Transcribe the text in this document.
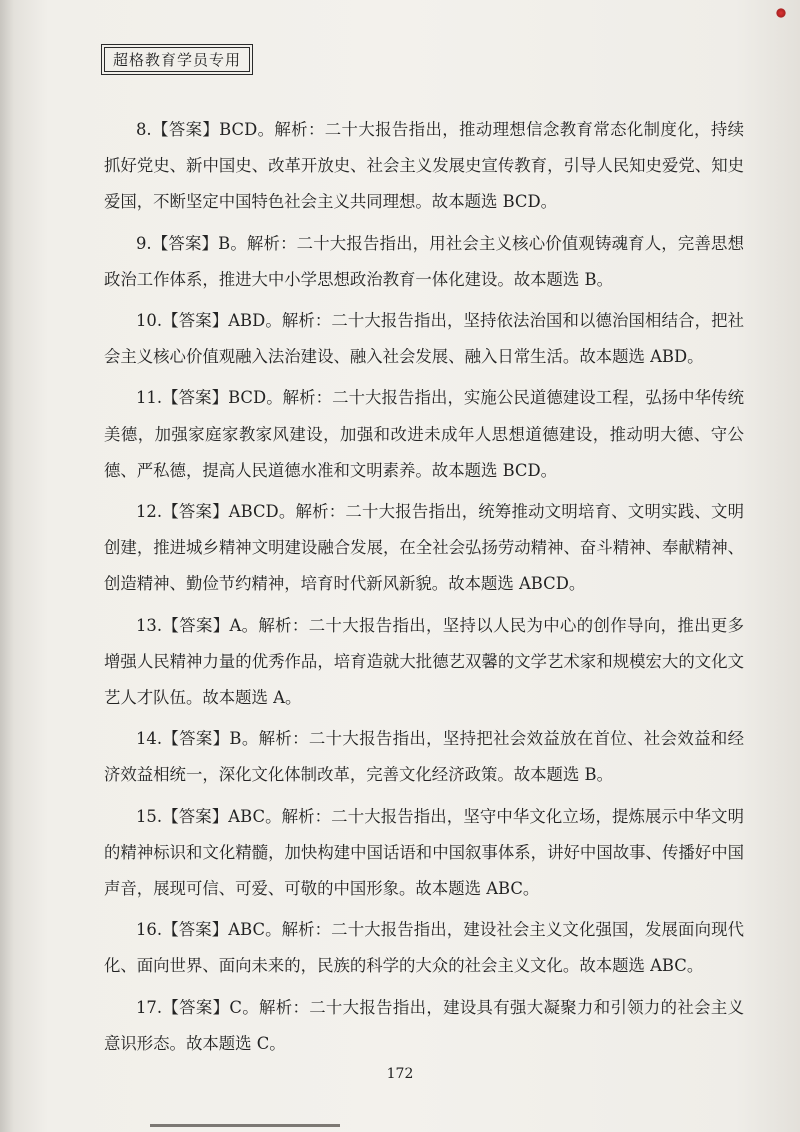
超格教育学员专用

8.【答案】BCD。解析：二十大报告指出，推动理想信念教育常态化制度化，持续抓好党史、新中国史、改革开放史、社会主义发展史宣传教育，引导人民知史爱党、知史爱国，不断坚定中国特色社会主义共同理想。故本题选 BCD。

9.【答案】B。解析：二十大报告指出，用社会主义核心价值观铸魂育人，完善思想政治工作体系，推进大中小学思想政治教育一体化建设。故本题选 B。

10.【答案】ABD。解析：二十大报告指出，坚持依法治国和以德治国相结合，把社会主义核心价值观融入法治建设、融入社会发展、融入日常生活。故本题选 ABD。

11.【答案】BCD。解析：二十大报告指出，实施公民道德建设工程，弘扬中华传统美德，加强家庭家教家风建设，加强和改进未成年人思想道德建设，推动明大德、守公德、严私德，提高人民道德水准和文明素养。故本题选 BCD。

12.【答案】ABCD。解析：二十大报告指出，统筹推动文明培育、文明实践、文明创建，推进城乡精神文明建设融合发展，在全社会弘扬劳动精神、奋斗精神、奉献精神、创造精神、勤俭节约精神，培育时代新风新貌。故本题选 ABCD。

13.【答案】A。解析：二十大报告指出，坚持以人民为中心的创作导向，推出更多增强人民精神力量的优秀作品，培育造就大批德艺双馨的文学艺术家和规模宏大的文化文艺人才队伍。故本题选 A。

14.【答案】B。解析：二十大报告指出，坚持把社会效益放在首位、社会效益和经济效益相统一，深化文化体制改革，完善文化经济政策。故本题选 B。

15.【答案】ABC。解析：二十大报告指出，坚守中华文化立场，提炼展示中华文明的精神标识和文化精髓，加快构建中国话语和中国叙事体系，讲好中国故事、传播好中国声音，展现可信、可爱、可敬的中国形象。故本题选 ABC。

16.【答案】ABC。解析：二十大报告指出，建设社会主义文化强国，发展面向现代化、面向世界、面向未来的，民族的科学的大众的社会主义文化。故本题选 ABC。

17.【答案】C。解析：二十大报告指出，建设具有强大凝聚力和引领力的社会主义意识形态。故本题选 C。

172
